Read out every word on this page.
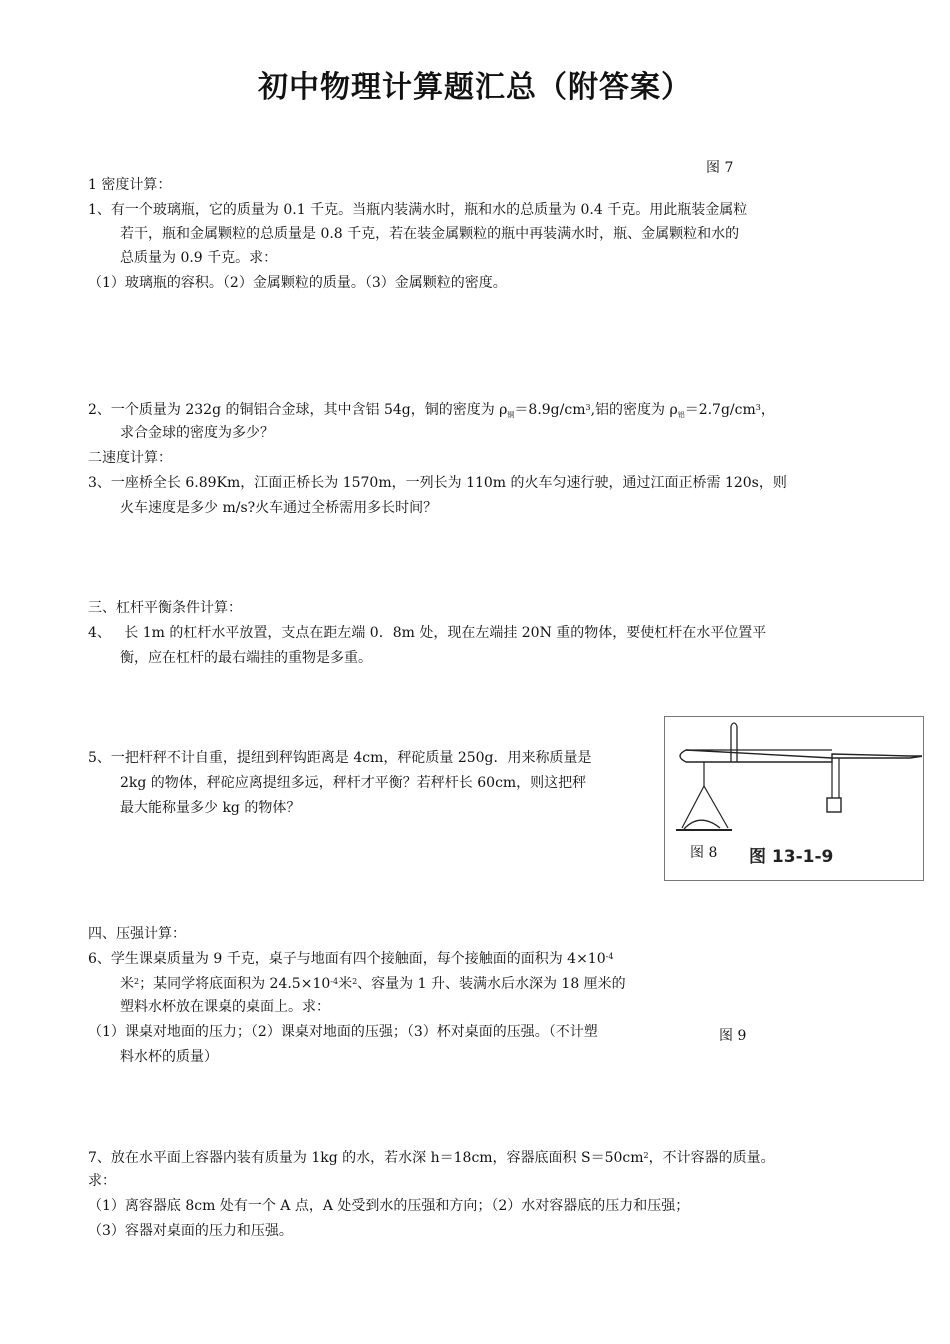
初中物理计算题汇总（附答案）
图 7
1 密度计算：
1、有一个玻璃瓶，它的质量为 0.1 千克。当瓶内装满水时，瓶和水的总质量为 0.4 千克。用此瓶装金属粒
若干，瓶和金属颗粒的总质量是 0.8 千克，若在装金属颗粒的瓶中再装满水时，瓶、金属颗粒和水的
总质量为 0.9 千克。求：
（1）玻璃瓶的容积。（2）金属颗粒的质量。（3）金属颗粒的密度。
2、一个质量为 232g 的铜铝合金球，其中含铝 54g，铜的密度为 $\rho_铜=8.9g/cm^3$,铝的密度为 $\rho_铝=2.7g/cm^3$，
求合金球的密度为多少？
二速度计算：
3、一座桥全长 6.89Km，江面正桥长为 1570m，一列长为 110m 的火车匀速行驶，通过江面正桥需 120s，则
火车速度是多少 m/s?火车通过全桥需用多长时间？
三、杠杆平衡条件计算：
4、   长 1m 的杠杆水平放置，支点在距左端 0．8m 处，现在左端挂 20N 重的物体，要使杠杆在水平位置平
衡，应在杠杆的最右端挂的重物是多重。
5、一把杆秤不计自重，提纽到秤钩距离是 4cm，秤砣质量 250g．用来称质量是
2kg 的物体，秤砣应离提纽多远，秤杆才平衡？若秤杆长 60cm，则这把秤
最大能称量多少 kg 的物体？
图 13-1-9
图 8
四、压强计算：
6、学生课桌质量为 9 千克，桌子与地面有四个接触面，每个接触面的面积为 $4\times 10^{-4}$
米$^2$；某同学将底面积为 $24.5\times 10^{-4}$米$^2$、容量为 1 升、装满水后水深为 18 厘米的
塑料水杯放在课桌的桌面上。求：
（1）课桌对地面的压力；（2）课桌对地面的压强；（3）杯对桌面的压强。（不计塑
料水杯的质量）
图 9
7、放在水平面上容器内装有质量为 1kg 的水，若水深 h＝18cm，容器底面积 $S=50cm^2$，不计容器的质量。
求：
（1）离容器底 8cm 处有一个 A 点，A 处受到水的压强和方向；（2）水对容器底的压力和压强；
（3）容器对桌面的压力和压强。
